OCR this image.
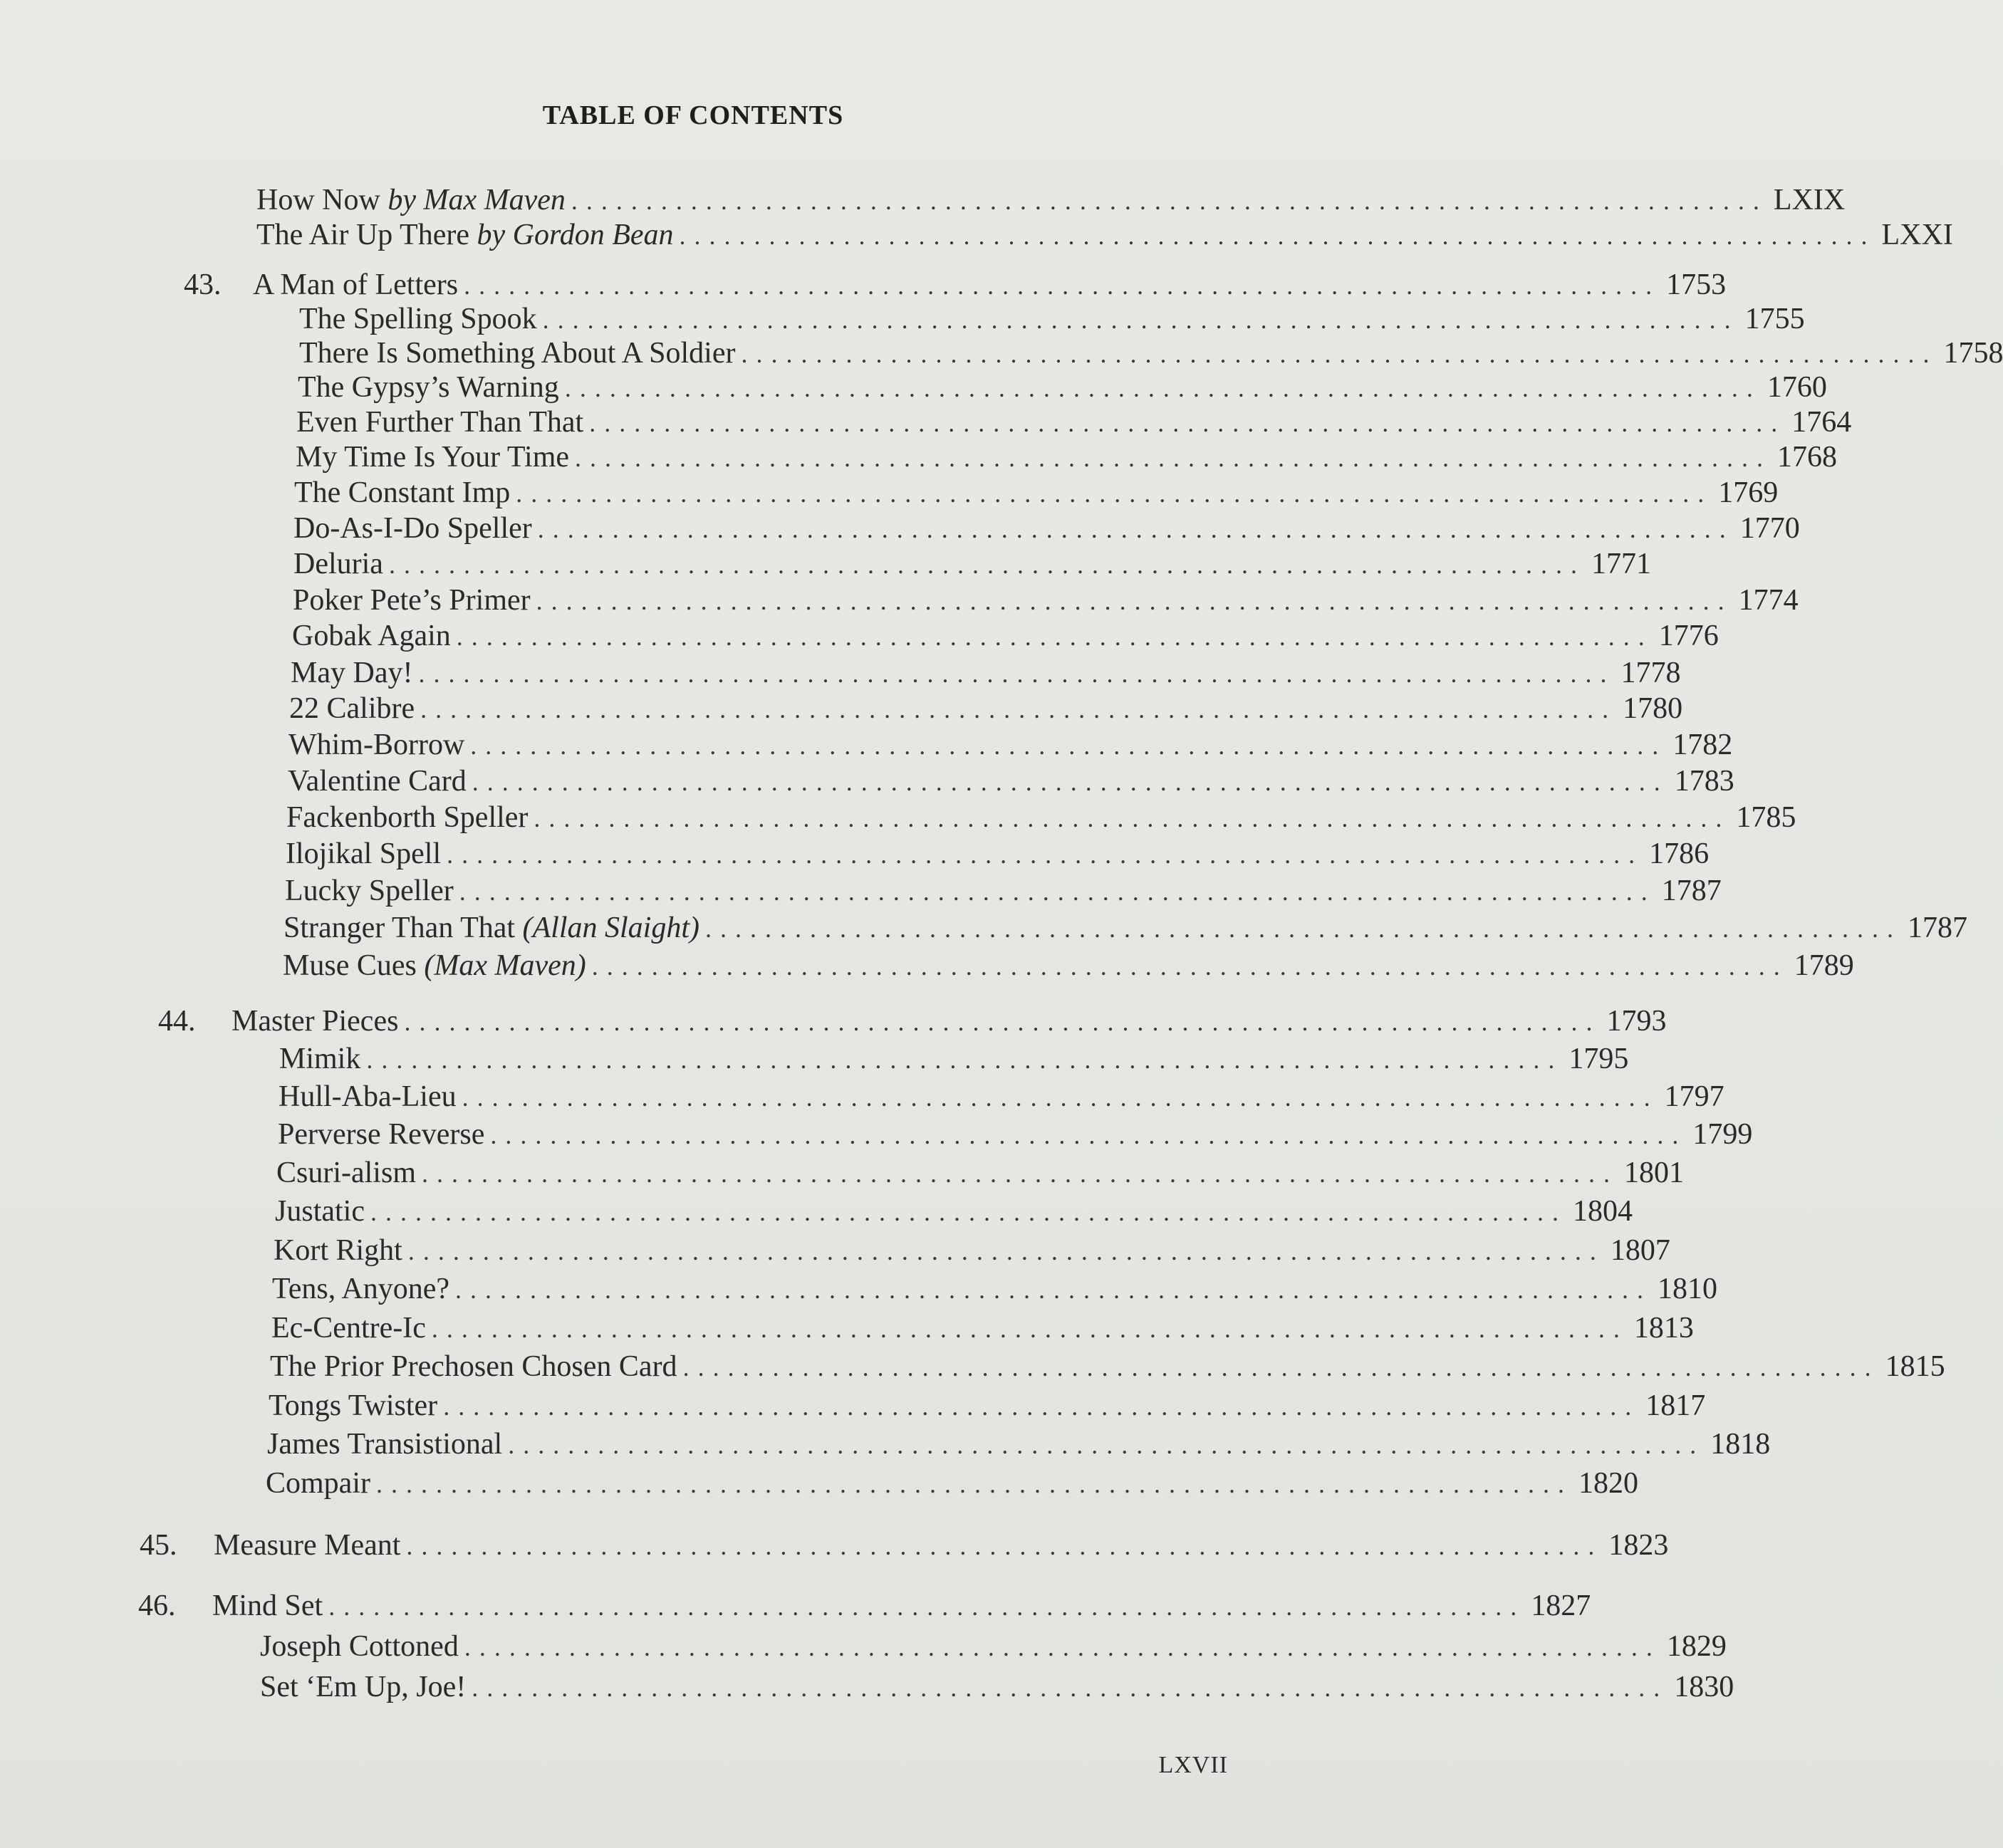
TABLE OF CONTENTS
How Now by Max Maven ................................................................................ LXIX
The Air Up There by Gordon Bean ................................................................................ LXXI
43. A Man of Letters ................................................................................ 1753
The Spelling Spook ................................................................................ 1755
There Is Something About A Soldier ................................................................................ 1758
The Gypsy’s Warning ................................................................................ 1760
Even Further Than That ................................................................................ 1764
My Time Is Your Time ................................................................................ 1768
The Constant Imp ................................................................................ 1769
Do-As-I-Do Speller ................................................................................ 1770
Deluria ................................................................................ 1771
Poker Pete’s Primer ................................................................................ 1774
Gobak Again ................................................................................ 1776
May Day! ................................................................................ 1778
22 Calibre ................................................................................ 1780
Whim-Borrow ................................................................................ 1782
Valentine Card ................................................................................ 1783
Fackenborth Speller ................................................................................ 1785
Ilojikal Spell ................................................................................ 1786
Lucky Speller ................................................................................ 1787
Stranger Than That (Allan Slaight) ................................................................................ 1787
Muse Cues (Max Maven) ................................................................................ 1789
44. Master Pieces ................................................................................ 1793
Mimik ................................................................................ 1795
Hull-Aba-Lieu ................................................................................ 1797
Perverse Reverse ................................................................................ 1799
Csuri-alism ................................................................................ 1801
Justatic ................................................................................ 1804
Kort Right ................................................................................ 1807
Tens, Anyone? ................................................................................ 1810
Ec-Centre-Ic ................................................................................ 1813
The Prior Prechosen Chosen Card ................................................................................ 1815
Tongs Twister ................................................................................ 1817
James Transistional ................................................................................ 1818
Compair ................................................................................ 1820
45. Measure Meant ................................................................................ 1823
46. Mind Set ................................................................................ 1827
Joseph Cottoned ................................................................................ 1829
Set ‘Em Up, Joe! ................................................................................ 1830
LXVII
